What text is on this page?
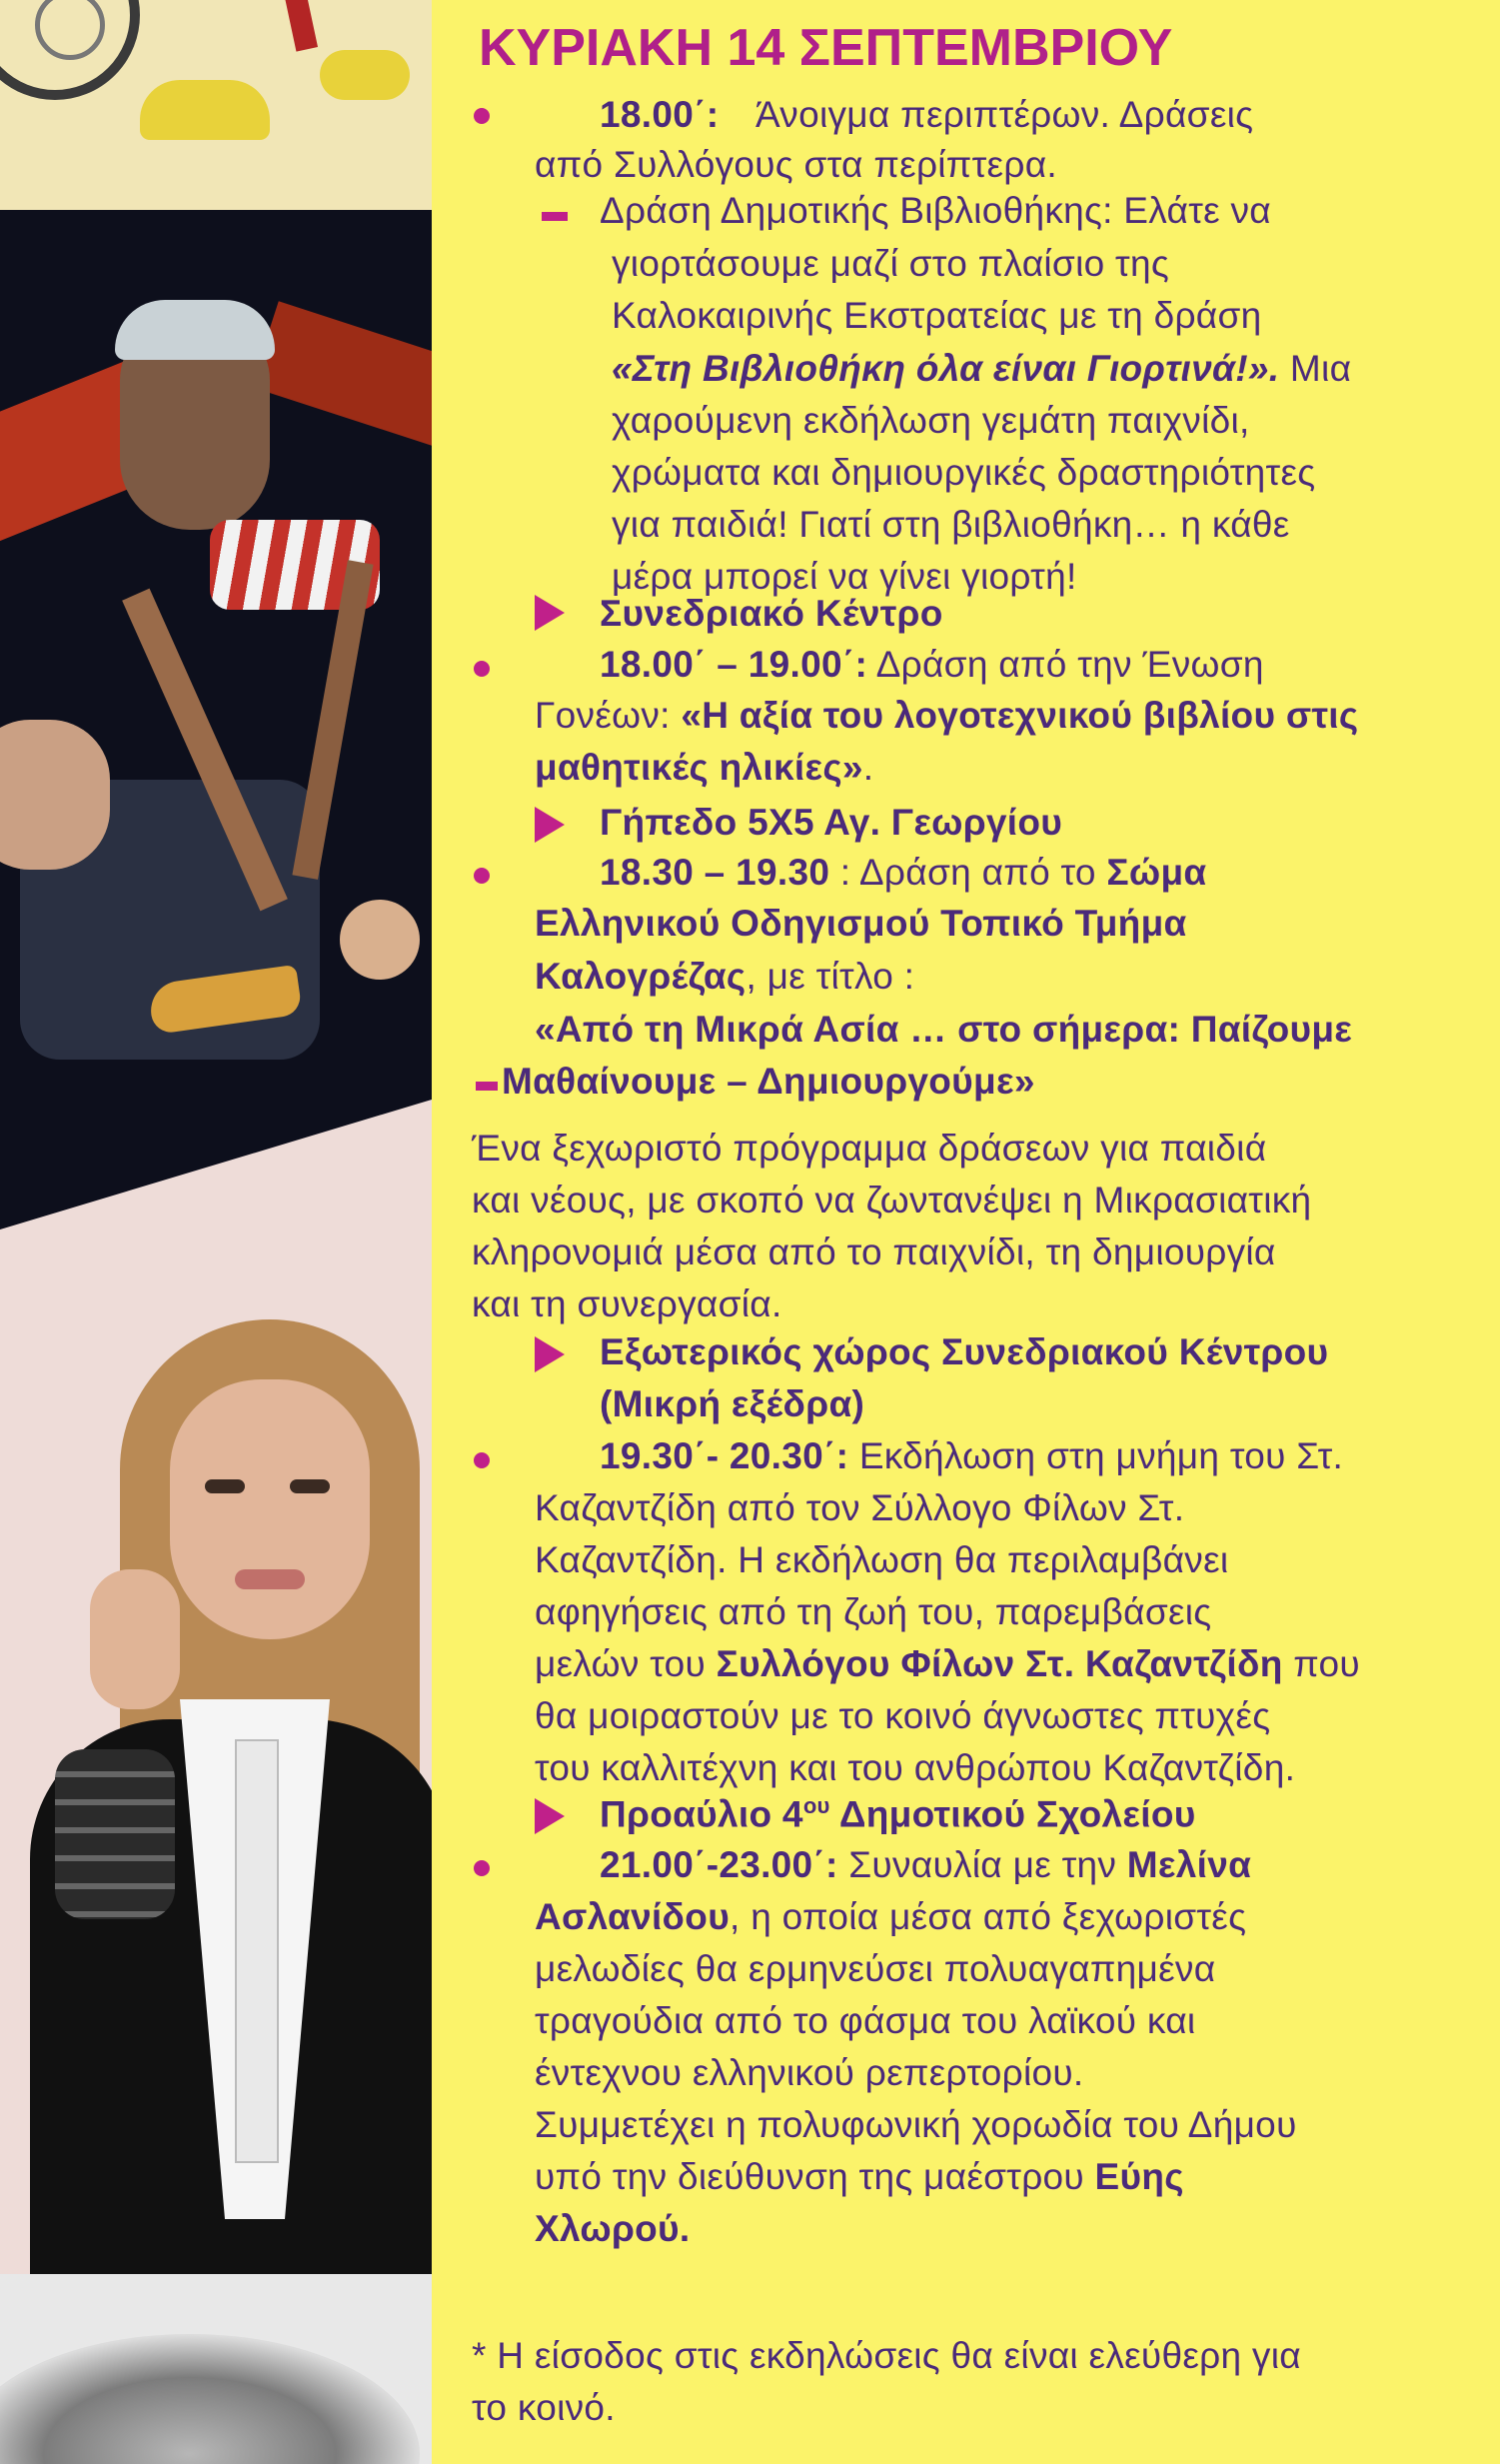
ΚΥΡΙΑΚΗ 14 ΣΕΠΤΕΜΒΡΙΟΥ
18.00΄: Άνοιγμα περιπτέρων. Δράσεις
από Συλλόγους στα περίπτερα.
Δράση Δημοτικής Βιβλιοθήκης: Ελάτε να
γιορτάσουμε μαζί στο πλαίσιο της
Καλοκαιρινής Εκστρατείας με τη δράση
«Στη Βιβλιοθήκη όλα είναι Γιορτινά!». Μια
χαρούμενη εκδήλωση γεμάτη παιχνίδι,
χρώματα και δημιουργικές δραστηριότητες
για παιδιά! Γιατί στη βιβλιοθήκη… η κάθε
μέρα μπορεί να γίνει γιορτή!
Συνεδριακό Κέντρο
18.00΄ – 19.00΄: Δράση από την Ένωση
Γονέων: «Η αξία του λογοτεχνικού βιβλίου στις
μαθητικές ηλικίες».
Γήπεδο 5Χ5 Αγ. Γεωργίου
18.30 – 19.30 : Δράση από το Σώμα
Ελληνικού Οδηγισμού Τοπικό Τμήμα
Καλογρέζας, με τίτλο :
«Από τη Μικρά Ασία … στο σήμερα: Παίζουμε
Μαθαίνουμε – Δημιουργούμε»
Ένα ξεχωριστό πρόγραμμα δράσεων για παιδιά
και νέους, με σκοπό να ζωντανέψει η Μικρασιατική
κληρονομιά μέσα από το παιχνίδι, τη δημιουργία
και τη συνεργασία.
Εξωτερικός χώρος Συνεδριακού Κέντρου
(Μικρή εξέδρα)
19.30΄- 20.30΄: Εκδήλωση στη μνήμη του Στ.
Καζαντζίδη από τον Σύλλογο Φίλων Στ.
Καζαντζίδη. Η εκδήλωση θα περιλαμβάνει
αφηγήσεις από τη ζωή του, παρεμβάσεις
μελών του Συλλόγου Φίλων Στ. Καζαντζίδη που
θα μοιραστούν με το κοινό άγνωστες πτυχές
του καλλιτέχνη και του ανθρώπου Καζαντζίδη.
Προαύλιο $4^{o\upsilon}$ Δημοτικού Σχολείου
21.00΄-23.00΄: Συναυλία με την Μελίνα
Ασλανίδου, η οποία μέσα από ξεχωριστές
μελωδίες θα ερμηνεύσει πολυαγαπημένα
τραγούδια από το φάσμα του λαϊκού και
έντεχνου ελληνικού ρεπερτορίου.
Συμμετέχει η πολυφωνική χορωδία του Δήμου
υπό την διεύθυνση της μαέστρου Εύης
Χλωρού.
* Η είσοδος στις εκδηλώσεις θα είναι ελεύθερη για
το κοινό.
